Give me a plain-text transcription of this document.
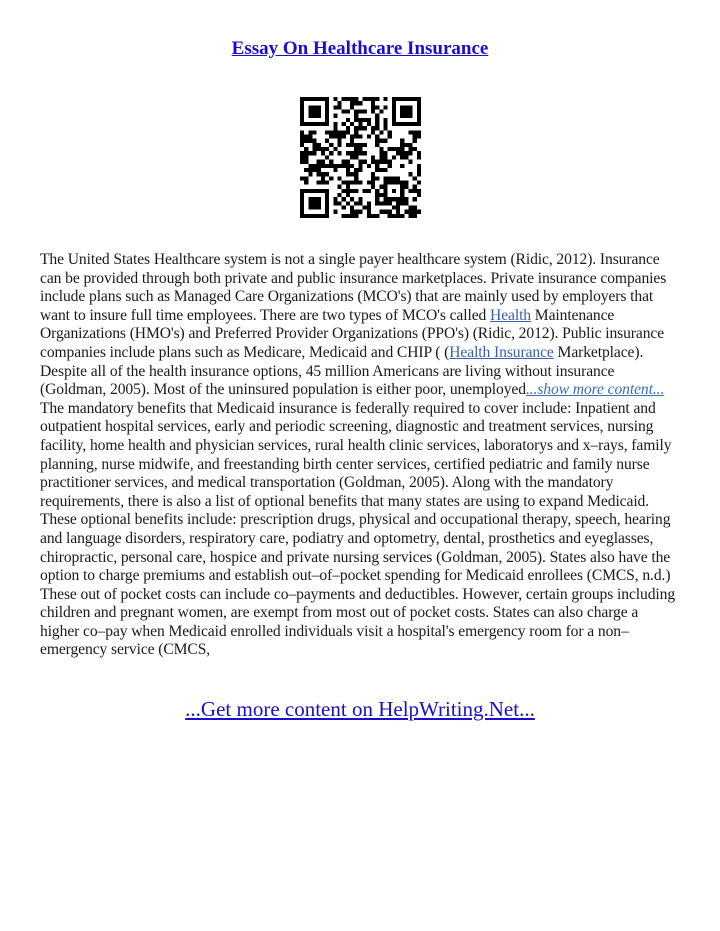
Essay On Healthcare Insurance

The United States Healthcare system is not a single payer healthcare system (Ridic, 2012). Insurance can be provided through both private and public insurance marketplaces. Private insurance companies include plans such as Managed Care Organizations (MCO's) that are mainly used by employers that want to insure full time employees. There are two types of MCO's called Health Maintenance Organizations (HMO's) and Preferred Provider Organizations (PPO's) (Ridic, 2012). Public insurance companies include plans such as Medicare, Medicaid and CHIP ( (Health Insurance Marketplace). Despite all of the health insurance options, 45 million Americans are living without insurance (Goldman, 2005). Most of the uninsured population is either poor, unemployed...show more content...

The mandatory benefits that Medicaid insurance is federally required to cover include: Inpatient and outpatient hospital services, early and periodic screening, diagnostic and treatment services, nursing facility, home health and physician services, rural health clinic services, laboratorys and x–rays, family planning, nurse midwife, and freestanding birth center services, certified pediatric and family nurse practitioner services, and medical transportation (Goldman, 2005). Along with the mandatory requirements, there is also a list of optional benefits that many states are using to expand Medicaid. These optional benefits include: prescription drugs, physical and occupational therapy, speech, hearing and language disorders, respiratory care, podiatry and optometry, dental, prosthetics and eyeglasses, chiropractic, personal care, hospice and private nursing services (Goldman, 2005). States also have the option to charge premiums and establish out–of–pocket spending for Medicaid enrollees (CMCS, n.d.) These out of pocket costs can include co–payments and deductibles. However, certain groups including children and pregnant women, are exempt from most out of pocket costs. States can also charge a higher co–pay when Medicaid enrolled individuals visit a hospital's emergency room for a non–emergency service (CMCS,

...Get more content on HelpWriting.Net...
